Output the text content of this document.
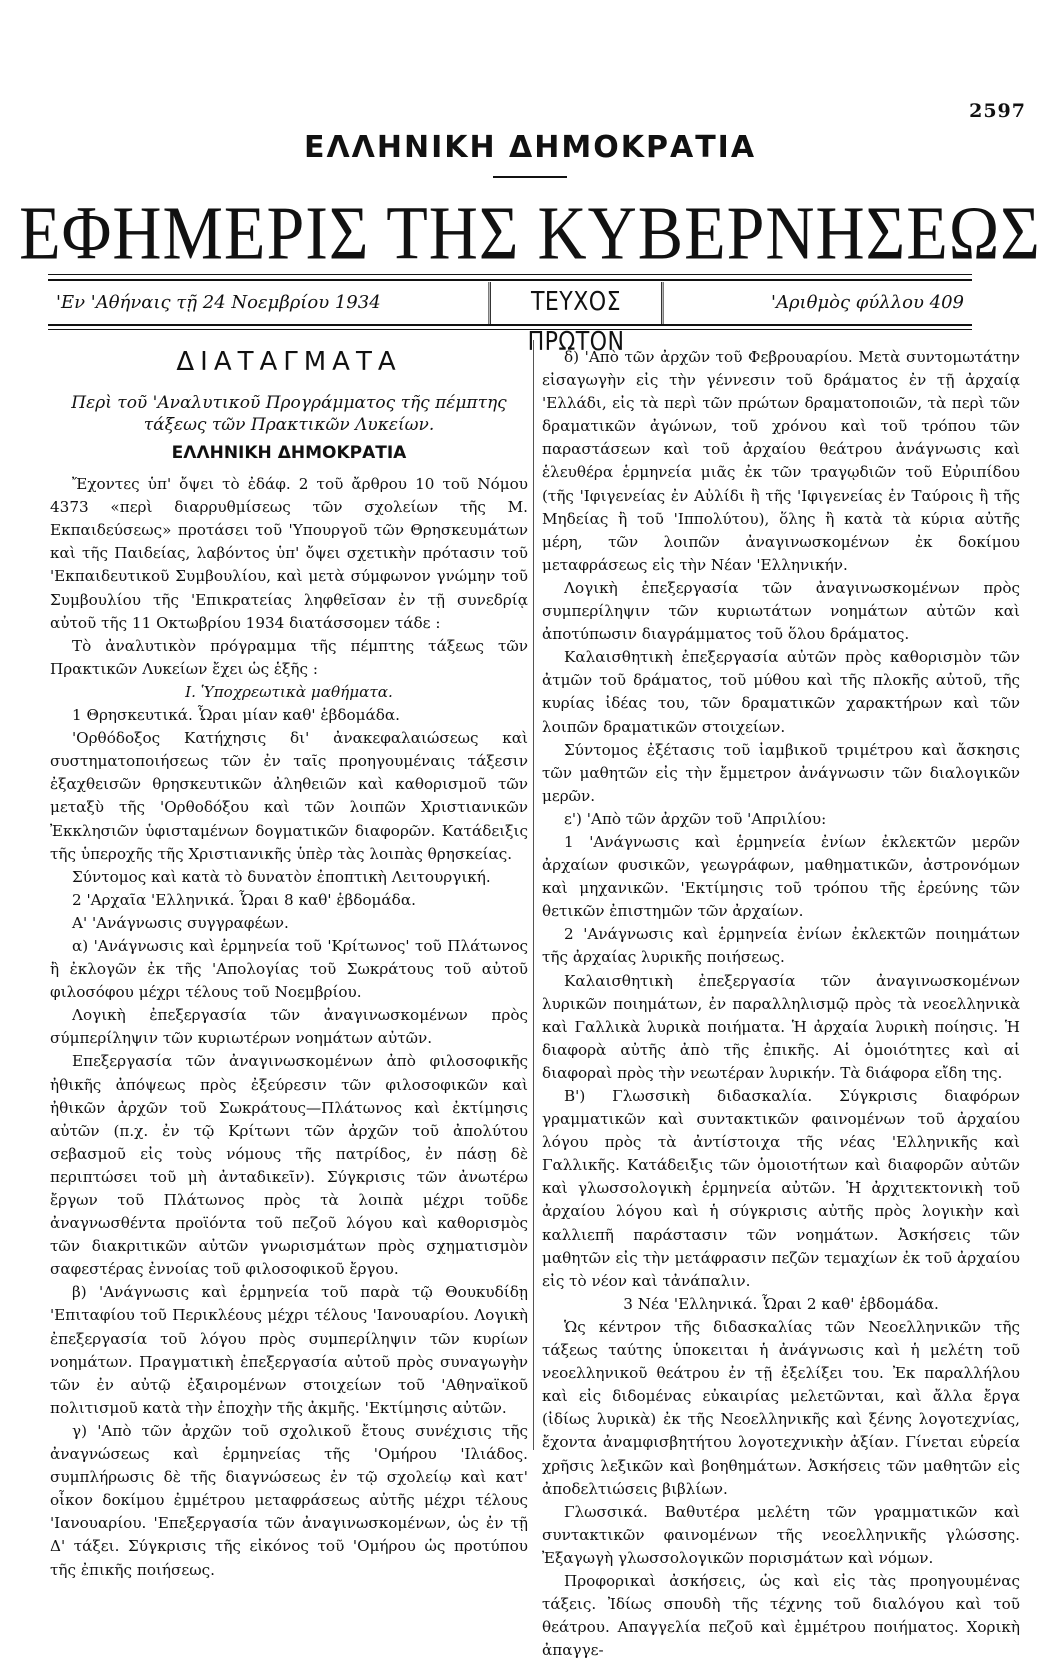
2597
ΕΛΛΗΝΙΚΗ ΔΗΜΟΚΡΑΤΙΑ
ΕΦΗΜΕΡΙΣ ΤΗΣ ΚΥΒΕΡΝΗΣΕΩΣ
'Εν 'Αθήναις τῇ 24 Νοεμβρίου 1934	ΤΕΥΧΟΣ ΠΡΩΤΟΝ
'Αριθμὸς φύλλου 409
ΔΙΑΤΑΓΜΑΤΑ
Περὶ τοῦ 'Αναλυτικοῦ Προγράμματος τῆς πέμπτης τάξεως τῶν Πρακτικῶν Λυκείων.
ΕΛΛΗΝΙΚΗ ΔΗΜΟΚΡΑΤΙΑ

Ἔχοντες ὑπ' ὄψει τὸ ἐδάφ. 2 τοῦ ἄρθρου 10 τοῦ Νόμου 4373 «περὶ διαρρυθμίσεως τῶν σχολείων τῆς Μ. Εκπαιδεύσεως» προτάσει τοῦ 'Υπουργοῦ τῶν Θρησκευμάτων καὶ τῆς Παιδείας, λαβόντος ὑπ' ὄψει σχετικὴν πρότασιν τοῦ 'Εκπαιδευτικοῦ Συμβουλίου, καὶ μετὰ σύμφωνον γνώμην τοῦ Συμβουλίου τῆς 'Επικρατείας ληφθεῖσαν ἐν τῇ συνεδρίᾳ αὐτοῦ τῆς 11 Οκτωβρίου 1934 διατάσσομεν τάδε :

Τὸ ἀναλυτικὸν πρόγραμμα τῆς πέμπτης τάξεως τῶν Πρακτικῶν Λυκείων ἔχει ὡς ἑξῆς :

Ι. Ὑποχρεωτικὰ μαθήματα.

1 Θρησκευτικά. Ὧραι μίαν καθ' ἑβδομάδα.

'Ορθόδοξος Κατήχησις δι' ἀνακεφαλαιώσεως καὶ συστηματοποιήσεως τῶν ἐν ταῖς προηγουμέναις τάξεσιν ἐξαχθεισῶν θρησκευτικῶν ἀληθειῶν καὶ καθορισμοῦ τῶν μεταξὺ τῆς 'Ορθοδόξου καὶ τῶν λοιπῶν Χριστιανικῶν Ἐκκλησιῶν ὑφισταμένων δογματικῶν διαφορῶν. Κατάδειξις τῆς ὑπεροχῆς τῆς Χριστιανικῆς ὑπὲρ τὰς λοιπὰς θρησκείας.

Σύντομος καὶ κατὰ τὸ δυνατὸν ἐποπτικὴ Λειτουργική.

2 'Αρχαῖα 'Ελληνικά. Ὧραι 8 καθ' ἑβδομάδα.

Α' 'Ανάγνωσις συγγραφέων.

α) 'Ανάγνωσις καὶ ἑρμηνεία τοῦ 'Κρίτωνος' τοῦ Πλάτωνος ἢ ἐκλογῶν ἐκ τῆς 'Απολογίας τοῦ Σωκράτους τοῦ αὐτοῦ φιλοσόφου μέχρι τέλους τοῦ Νοεμβρίου.

Λογικὴ ἐπεξεργασία τῶν ἀναγινωσκομένων πρὸς σύμπερίληψιν τῶν κυριωτέρων νοημάτων αὐτῶν.

Επεξεργασία τῶν ἀναγινωσκομένων ἀπὸ φιλοσοφικῆς ἠθικῆς ἀπόψεως πρὸς ἐξεύρεσιν τῶν φιλοσοφικῶν καὶ ἠθικῶν ἀρχῶν τοῦ Σωκράτους—Πλάτωνος καὶ ἐκτίμησις αὐτῶν (π.χ. ἐν τῷ Κρίτωνι τῶν ἀρχῶν τοῦ ἀπολύτου σεβασμοῦ εἰς τοὺς νόμους τῆς πατρίδος, ἐν πάσῃ δὲ περιπτώσει τοῦ μὴ ἀνταδικεῖν). Σύγκρισις τῶν ἀνωτέρω ἔργων τοῦ Πλάτωνος πρὸς τὰ λοιπὰ μέχρι τοῦδε ἀναγνωσθέντα προϊόντα τοῦ πεζοῦ λόγου καὶ καθορισμὸς τῶν διακριτικῶν αὐτῶν γνωρισμάτων πρὸς σχηματισμὸν σαφεστέρας ἐννοίας τοῦ φιλοσοφικοῦ ἔργου.

β) 'Ανάγνωσις καὶ ἑρμηνεία τοῦ παρὰ τῷ Θουκυδίδῃ 'Επιταφίου τοῦ Περικλέους μέχρι τέλους 'Ιανουαρίου. Λογικὴ ἐπεξεργασία τοῦ λόγου πρὸς συμπερίληψιν τῶν κυρίων νοημάτων. Πραγματικὴ ἐπεξεργασία αὐτοῦ πρὸς συναγωγὴν τῶν ἐν αὐτῷ ἐξαιρομένων στοιχείων τοῦ 'Αθηναϊκοῦ πολιτισμοῦ κατὰ τὴν ἐποχὴν τῆς ἀκμῆς. 'Εκτίμησις αὐτῶν.

γ) 'Απὸ τῶν ἀρχῶν τοῦ σχολικοῦ ἔτους συνέχισις τῆς ἀναγνώσεως καὶ ἑρμηνείας τῆς 'Ομήρου 'Ιλιάδος. συμπλήρωσις δὲ τῆς διαγνώσεως ἐν τῷ σχολείῳ καὶ κατ' οἶκον δοκίμου ἐμμέτρου μεταφράσεως αὐτῆς μέχρι τέλους 'Ιανουαρίου. 'Επεξεργασία τῶν ἀναγινωσκομένων, ὡς ἐν τῇ Δ' τάξει. Σύγκρισις τῆς εἰκόνος τοῦ 'Ομήρου ὡς προτύπου τῆς ἐπικῆς ποιήσεως.

δ) 'Απὸ τῶν ἀρχῶν τοῦ Φεβρουαρίου. Μετὰ συντομωτάτην εἰσαγωγὴν εἰς τὴν γέννεσιν τοῦ δράματος ἐν τῇ ἀρχαίᾳ 'Ελλάδι, εἰς τὰ περὶ τῶν πρώτων δραματοποιῶν, τὰ περὶ τῶν δραματικῶν ἀγώνων, τοῦ χρόνου καὶ τοῦ τρόπου τῶν παραστάσεων καὶ τοῦ ἀρχαίου θεάτρου ἀνάγνωσις καὶ ἑλευθέρα ἑρμηνεία μιᾶς ἐκ τῶν τραγῳδιῶν τοῦ Εὐριπίδου (τῆς 'Ιφιγενείας ἐν Αὐλίδι ἢ τῆς 'Ιφιγενείας ἐν Ταύροις ἢ τῆς Μηδείας ἢ τοῦ 'Ιππολύτου), ὅλης ἢ κατὰ τὰ κύρια αὐτῆς μέρη, τῶν λοιπῶν ἀναγινωσκομένων ἐκ δοκίμου μεταφράσεως εἰς τὴν Νέαν 'Ελληνικήν.

Λογικὴ ἐπεξεργασία τῶν ἀναγινωσκομένων πρὸς συμπερίληψιν τῶν κυριωτάτων νοημάτων αὐτῶν καὶ ἀποτύπωσιν διαγράμματος τοῦ ὅλου δράματος.

Καλαισθητικὴ ἐπεξεργασία αὐτῶν πρὸς καθορισμὸν τῶν ἀτμῶν τοῦ δράματος, τοῦ μύθου καὶ τῆς πλοκῆς αὐτοῦ, τῆς κυρίας ἰδέας του, τῶν δραματικῶν χαρακτήρων καὶ τῶν λοιπῶν δραματικῶν στοιχείων.

Σύντομος ἐξέτασις τοῦ ἰαμβικοῦ τριμέτρου καὶ ἄσκησις τῶν μαθητῶν εἰς τὴν ἔμμετρον ἀνάγνωσιν τῶν διαλογικῶν μερῶν.

ε') 'Απὸ τῶν ἀρχῶν τοῦ 'Απριλίου:

1 'Ανάγνωσις καὶ ἑρμηνεία ἐνίων ἐκλεκτῶν μερῶν ἀρχαίων φυσικῶν, γεωγράφων, μαθηματικῶν, ἀστρονόμων καὶ μηχανικῶν. 'Εκτίμησις τοῦ τρόπου τῆς ἐρεύνης τῶν θετικῶν ἐπιστημῶν τῶν ἀρχαίων.

2 'Ανάγνωσις καὶ ἑρμηνεία ἐνίων ἐκλεκτῶν ποιημάτων τῆς ἀρχαίας λυρικῆς ποιήσεως.

Καλαισθητικὴ ἐπεξεργασία τῶν ἀναγινωσκομένων λυρικῶν ποιημάτων, ἐν παραλληλισμῷ πρὸς τὰ νεοελληνικὰ καὶ Γαλλικὰ λυρικὰ ποιήματα. Ἡ ἀρχαία λυρικὴ ποίησις. Ἡ διαφορὰ αὐτῆς ἀπὸ τῆς ἐπικῆς. Αἱ ὁμοιότητες καὶ αἱ διαφοραὶ πρὸς τὴν νεωτέραν λυρικήν. Τὰ διάφορα εἴδη της.

Β') Γλωσσικὴ διδασκαλία. Σύγκρισις διαφόρων γραμματικῶν καὶ συντακτικῶν φαινομένων τοῦ ἀρχαίου λόγου πρὸς τὰ ἀντίστοιχα τῆς νέας 'Ελληνικῆς καὶ Γαλλικῆς. Κατάδειξις τῶν ὁμοιοτήτων καὶ διαφορῶν αὐτῶν καὶ γλωσσολογικὴ ἑρμηνεία αὐτῶν. Ἡ ἀρχιτεκτονικὴ τοῦ ἀρχαίου λόγου καὶ ἡ σύγκρισις αὐτῆς πρὸς λογικὴν καὶ καλλιεπῆ παράστασιν τῶν νοημάτων. Ἀσκήσεις τῶν μαθητῶν εἰς τὴν μετάφρασιν πεζῶν τεμαχίων ἐκ τοῦ ἀρχαίου εἰς τὸ νέον καὶ τἀνάπαλιν.

3 Νέα 'Ελληνικά. Ὧραι 2 καθ' ἑβδομάδα.

Ὡς κέντρον τῆς διδασκαλίας τῶν Νεοελληνικῶν τῆς τάξεως ταύτης ὑποκειται ἡ ἀνάγνωσις καὶ ἡ μελέτη τοῦ νεοελληνικοῦ θεάτρου ἐν τῇ ἐξελίξει του. Ἐκ παραλλήλου καὶ εἰς διδομένας εὐκαιρίας μελετῶνται, καὶ ἄλλα ἔργα (ἰδίως λυρικὰ) ἐκ τῆς Νεοελληνικῆς καὶ ξένης λογοτεχνίας, ἔχοντα ἀναμφισβητήτου λογοτεχνικὴν ἀξίαν. Γίνεται εὑρεία χρῆσις λεξικῶν καὶ βοηθημάτων. Ἀσκήσεις τῶν μαθητῶν εἰς ἀποδελτιώσεις βιβλίων.

Γλωσσικά. Βαθυτέρα μελέτη τῶν γραμματικῶν καὶ συντακτικῶν φαινομένων τῆς νεοελληνικῆς γλώσσης. Ἐξαγωγὴ γλωσσολογικῶν πορισμάτων καὶ νόμων.

Προφορικαὶ ἀσκήσεις, ὡς καὶ εἰς τὰς προηγουμένας τάξεις. Ἰδίως σπουδὴ τῆς τέχνης τοῦ διαλόγου καὶ τοῦ θεάτρου. Απαγγελία πεζοῦ καὶ ἐμμέτρου ποιήματος. Χορικὴ ἀπαγγε-
